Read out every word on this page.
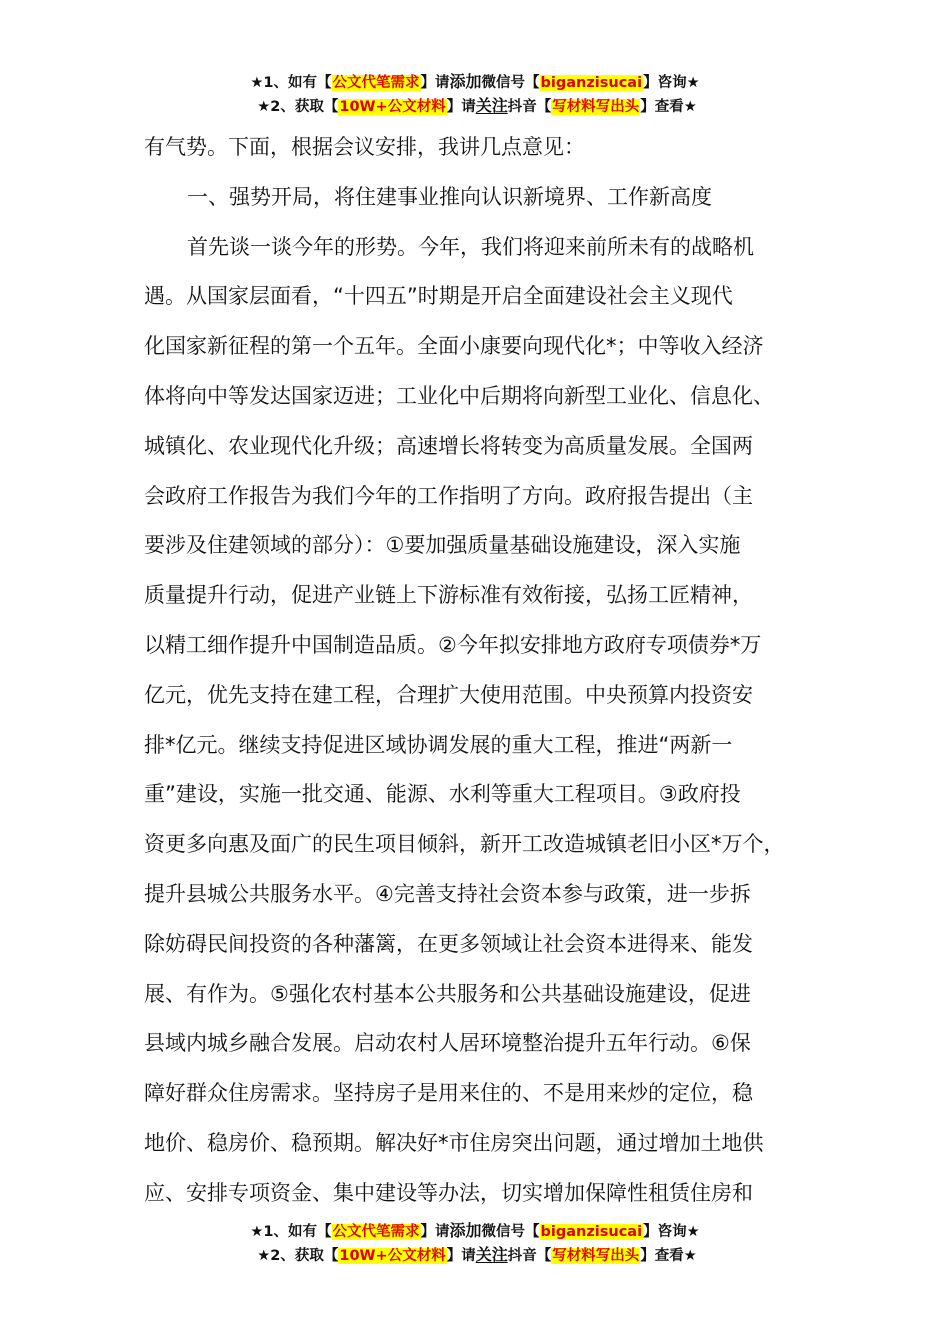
★1、如有【公文代笔需求】请添加微信号【biganzisucai】咨询★
★2、获取【10W+公文材料】请关注抖音【写材料写出头】查看★

有气势。下面，根据会议安排，我讲几点意见：

一、强势开局，将住建事业推向认识新境界、工作新高度

首先谈一谈今年的形势。今年，我们将迎来前所未有的战略机

遇。从国家层面看，“十四五”时期是开启全面建设社会主义现代

化国家新征程的第一个五年。全面小康要向现代化*；中等收入经济

体将向中等发达国家迈进；工业化中后期将向新型工业化、信息化、

城镇化、农业现代化升级；高速增长将转变为高质量发展。全国两

会政府工作报告为我们今年的工作指明了方向。政府报告提出（主

要涉及住建领域的部分）：①要加强质量基础设施建设，深入实施

质量提升行动，促进产业链上下游标准有效衔接，弘扬工匠精神，

以精工细作提升中国制造品质。②今年拟安排地方政府专项债券*万

亿元，优先支持在建工程，合理扩大使用范围。中央预算内投资安

排*亿元。继续支持促进区域协调发展的重大工程，推进“两新一

重”建设，实施一批交通、能源、水利等重大工程项目。③政府投

资更多向惠及面广的民生项目倾斜，新开工改造城镇老旧小区*万个，

提升县城公共服务水平。④完善支持社会资本参与政策，进一步拆

除妨碍民间投资的各种藩篱，在更多领域让社会资本进得来、能发

展、有作为。⑤强化农村基本公共服务和公共基础设施建设，促进

县域内城乡融合发展。启动农村人居环境整治提升五年行动。⑥保

障好群众住房需求。坚持房子是用来住的、不是用来炒的定位，稳

地价、稳房价、稳预期。解决好*市住房突出问题，通过增加土地供

应、安排专项资金、集中建设等办法，切实增加保障性租赁住房和

★1、如有【公文代笔需求】请添加微信号【biganzisucai】咨询★
★2、获取【10W+公文材料】请关注抖音【写材料写出头】查看★
